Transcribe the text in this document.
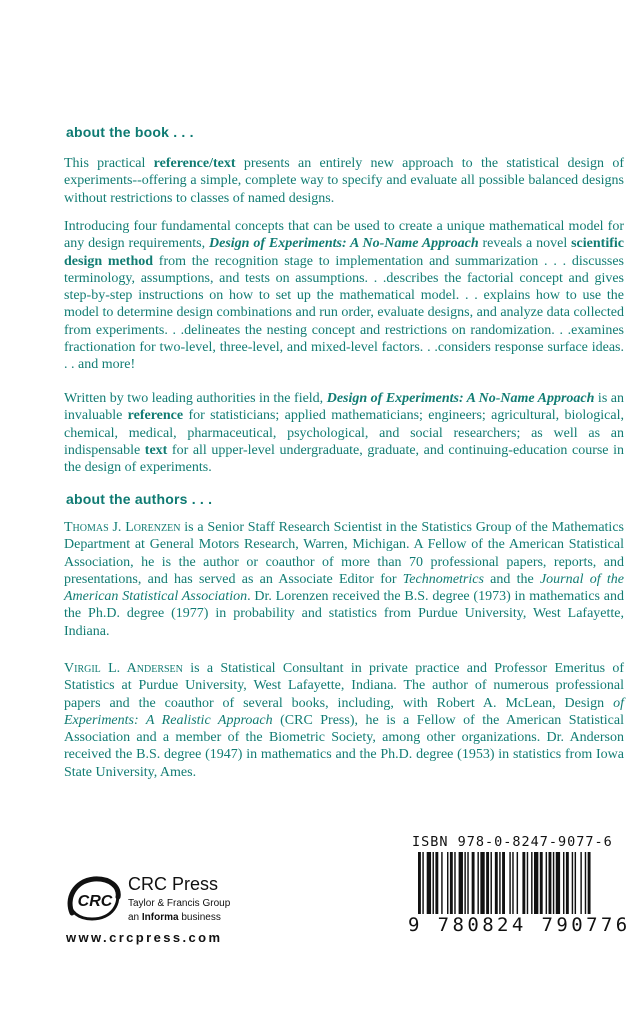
about the book . . .
This practical reference/text presents an entirely new approach to the statistical design of experiments--offering a simple, complete way to specify and evaluate all possible balanced designs without restrictions to classes of named designs.
Introducing four fundamental concepts that can be used to create a unique mathematical model for any design requirements, Design of Experiments: A No-Name Approach reveals a novel scientific design method from the recognition stage to implementation and summarization . . . discusses terminology, assumptions, and tests on assumptions. . .describes the factorial concept and gives step-by-step instructions on how to set up the mathematical model. . . explains how to use the model to determine design combinations and run order, evaluate designs, and analyze data collected from experiments. . .delineates the nesting concept and restrictions on randomization. . .examines fractionation for two-level, three-level, and mixed-level factors. . .considers response surface ideas. . . and more!
Written by two leading authorities in the field, Design of Experiments: A No-Name Approach is an invaluable reference for statisticians; applied mathematicians; engineers; agricultural, biological, chemical, medical, pharmaceutical, psychological, and social researchers; as well as an indispensable text for all upper-level undergraduate, graduate, and continuing-education course in the design of experiments.
about the authors . . .
Thomas J. Lorenzen is a Senior Staff Research Scientist in the Statistics Group of the Mathematics Department at General Motors Research, Warren, Michigan. A Fellow of the American Statistical Association, he is the author or coauthor of more than 70 professional papers, reports, and presentations, and has served as an Associate Editor for Technometrics and the Journal of the American Statistical Association. Dr. Lorenzen received the B.S. degree (1973) in mathematics and the Ph.D. degree (1977) in probability and statistics from Purdue University, West Lafayette, Indiana.
Virgil L. Andersen is a Statistical Consultant in private practice and Professor Emeritus of Statistics at Purdue University, West Lafayette, Indiana. The author of numerous professional papers and the coauthor of several books, including, with Robert A. McLean, Design of Experiments: A Realistic Approach (CRC Press), he is a Fellow of the American Statistical Association and a member of the Biometric Society, among other organizations. Dr. Anderson received the B.S. degree (1947) in mathematics and the Ph.D. degree (1953) in statistics from Iowa State University, Ames.
CRC
CRC Press
Taylor & Francis Group
an Informa business
www.crcpress.com
ISBN 978-0-8247-9077-6
9 780824 790776
